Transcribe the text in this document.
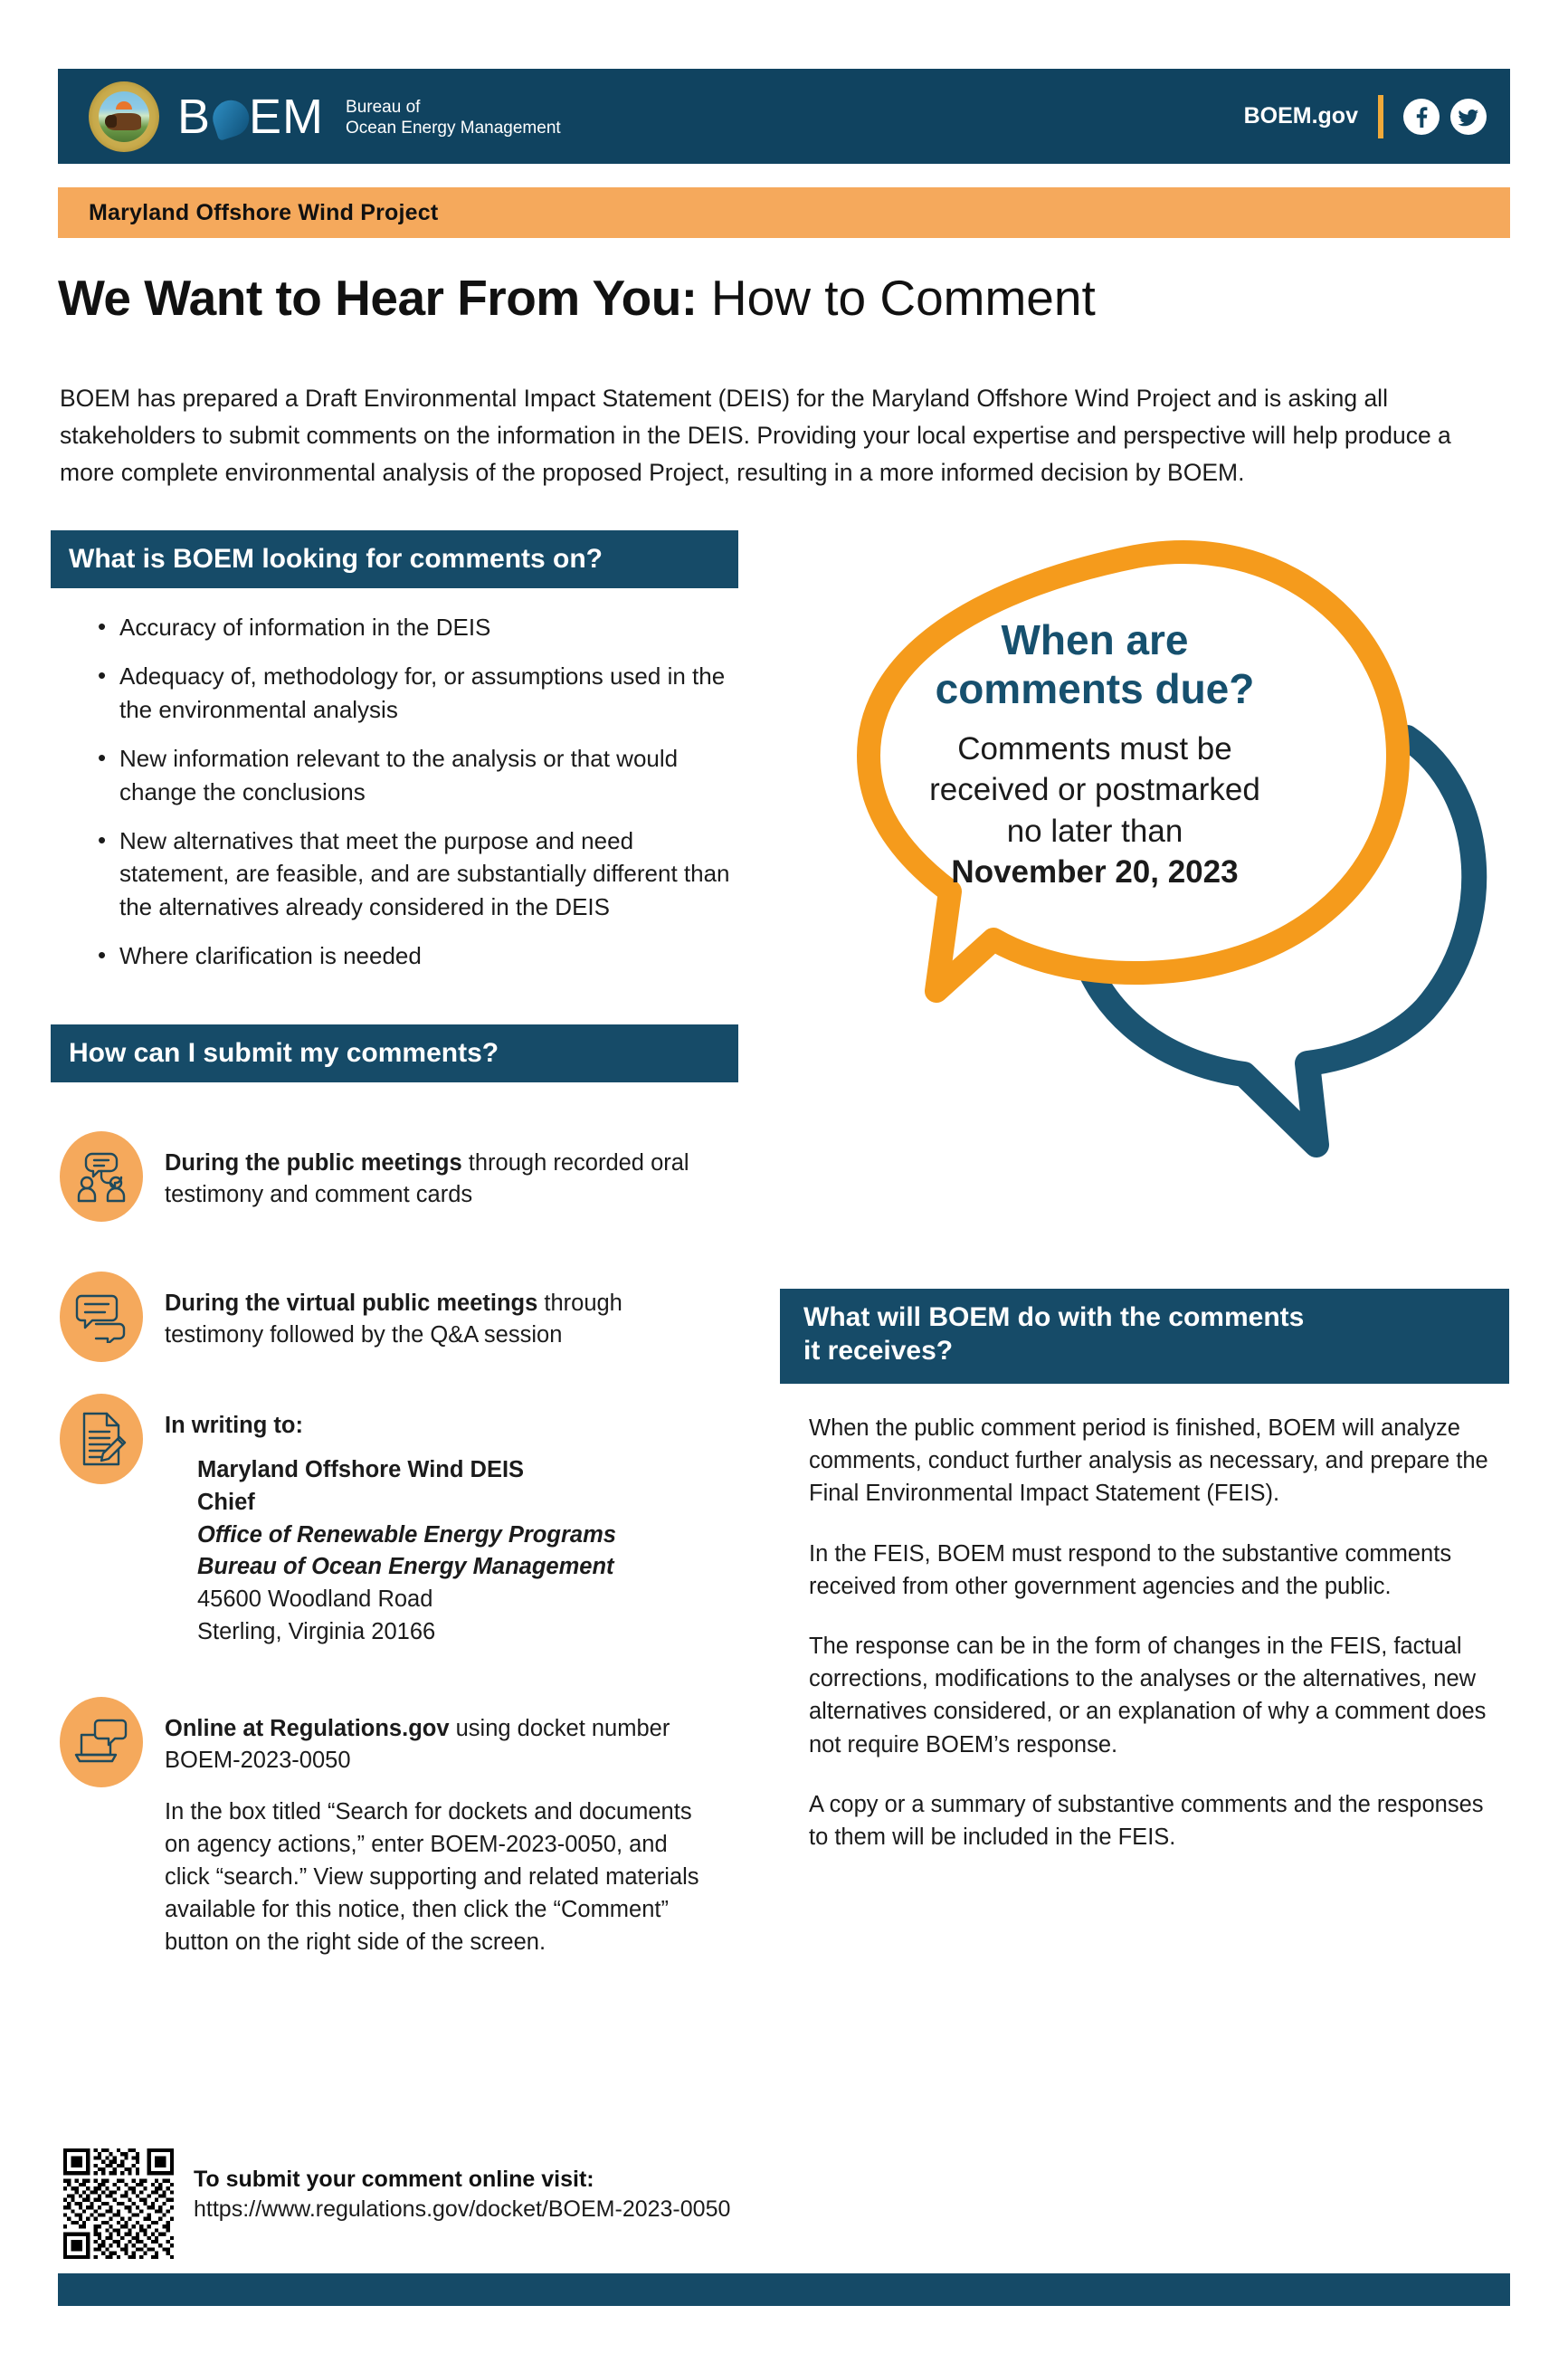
B EM Bureau of
Ocean Energy Management	BOEM.gov
Maryland Offshore Wind Project
We Want to Hear From You: How to Comment
BOEM has prepared a Draft Environmental Impact Statement (DEIS) for the Maryland Offshore Wind Project and is asking all stakeholders to submit comments on the information in the DEIS. Providing your local expertise and perspective will help produce a more complete environmental analysis of the proposed Project, resulting in a more informed decision by BOEM.
What is BOEM looking for comments on?
• Accuracy of information in the DEIS
• Adequacy of, methodology for, or assumptions used in the the environmental analysis
• New information relevant to the analysis or that would change the conclusions
• New alternatives that meet the purpose and need statement, are feasible, and are substantially different than the alternatives already considered in the DEIS
• Where clarification is needed
When are
comments due?
Comments must be
received or postmarked
no later than
November 20, 2023
How can I submit my comments?
During the public meetings through recorded oral testimony and comment cards
During the virtual public meetings through testimony followed by the Q&A session
In writing to:
Maryland Offshore Wind DEIS
Chief
Office of Renewable Energy Programs
Bureau of Ocean Energy Management
45600 Woodland Road
Sterling, Virginia 20166
Online at Regulations.gov using docket number BOEM-2023-0050
In the box titled “Search for dockets and documents on agency actions,” enter BOEM-2023-0050, and click “search.” View supporting and related materials available for this notice, then click the “Comment” button on the right side of the screen.
What will BOEM do with the comments
it receives?

When the public comment period is finished, BOEM will analyze comments, conduct further analysis as necessary, and prepare the Final Environmental Impact Statement (FEIS).

In the FEIS, BOEM must respond to the substantive comments received from other government agencies and the public.

The response can be in the form of changes in the FEIS, factual corrections, modifications to the analyses or the alternatives, new alternatives considered, or an explanation of why a comment does not require BOEM’s response.

A copy or a summary of substantive comments and the responses to them will be included in the FEIS.

To submit your comment online visit:
https://www.regulations.gov/docket/BOEM-2023-0050
